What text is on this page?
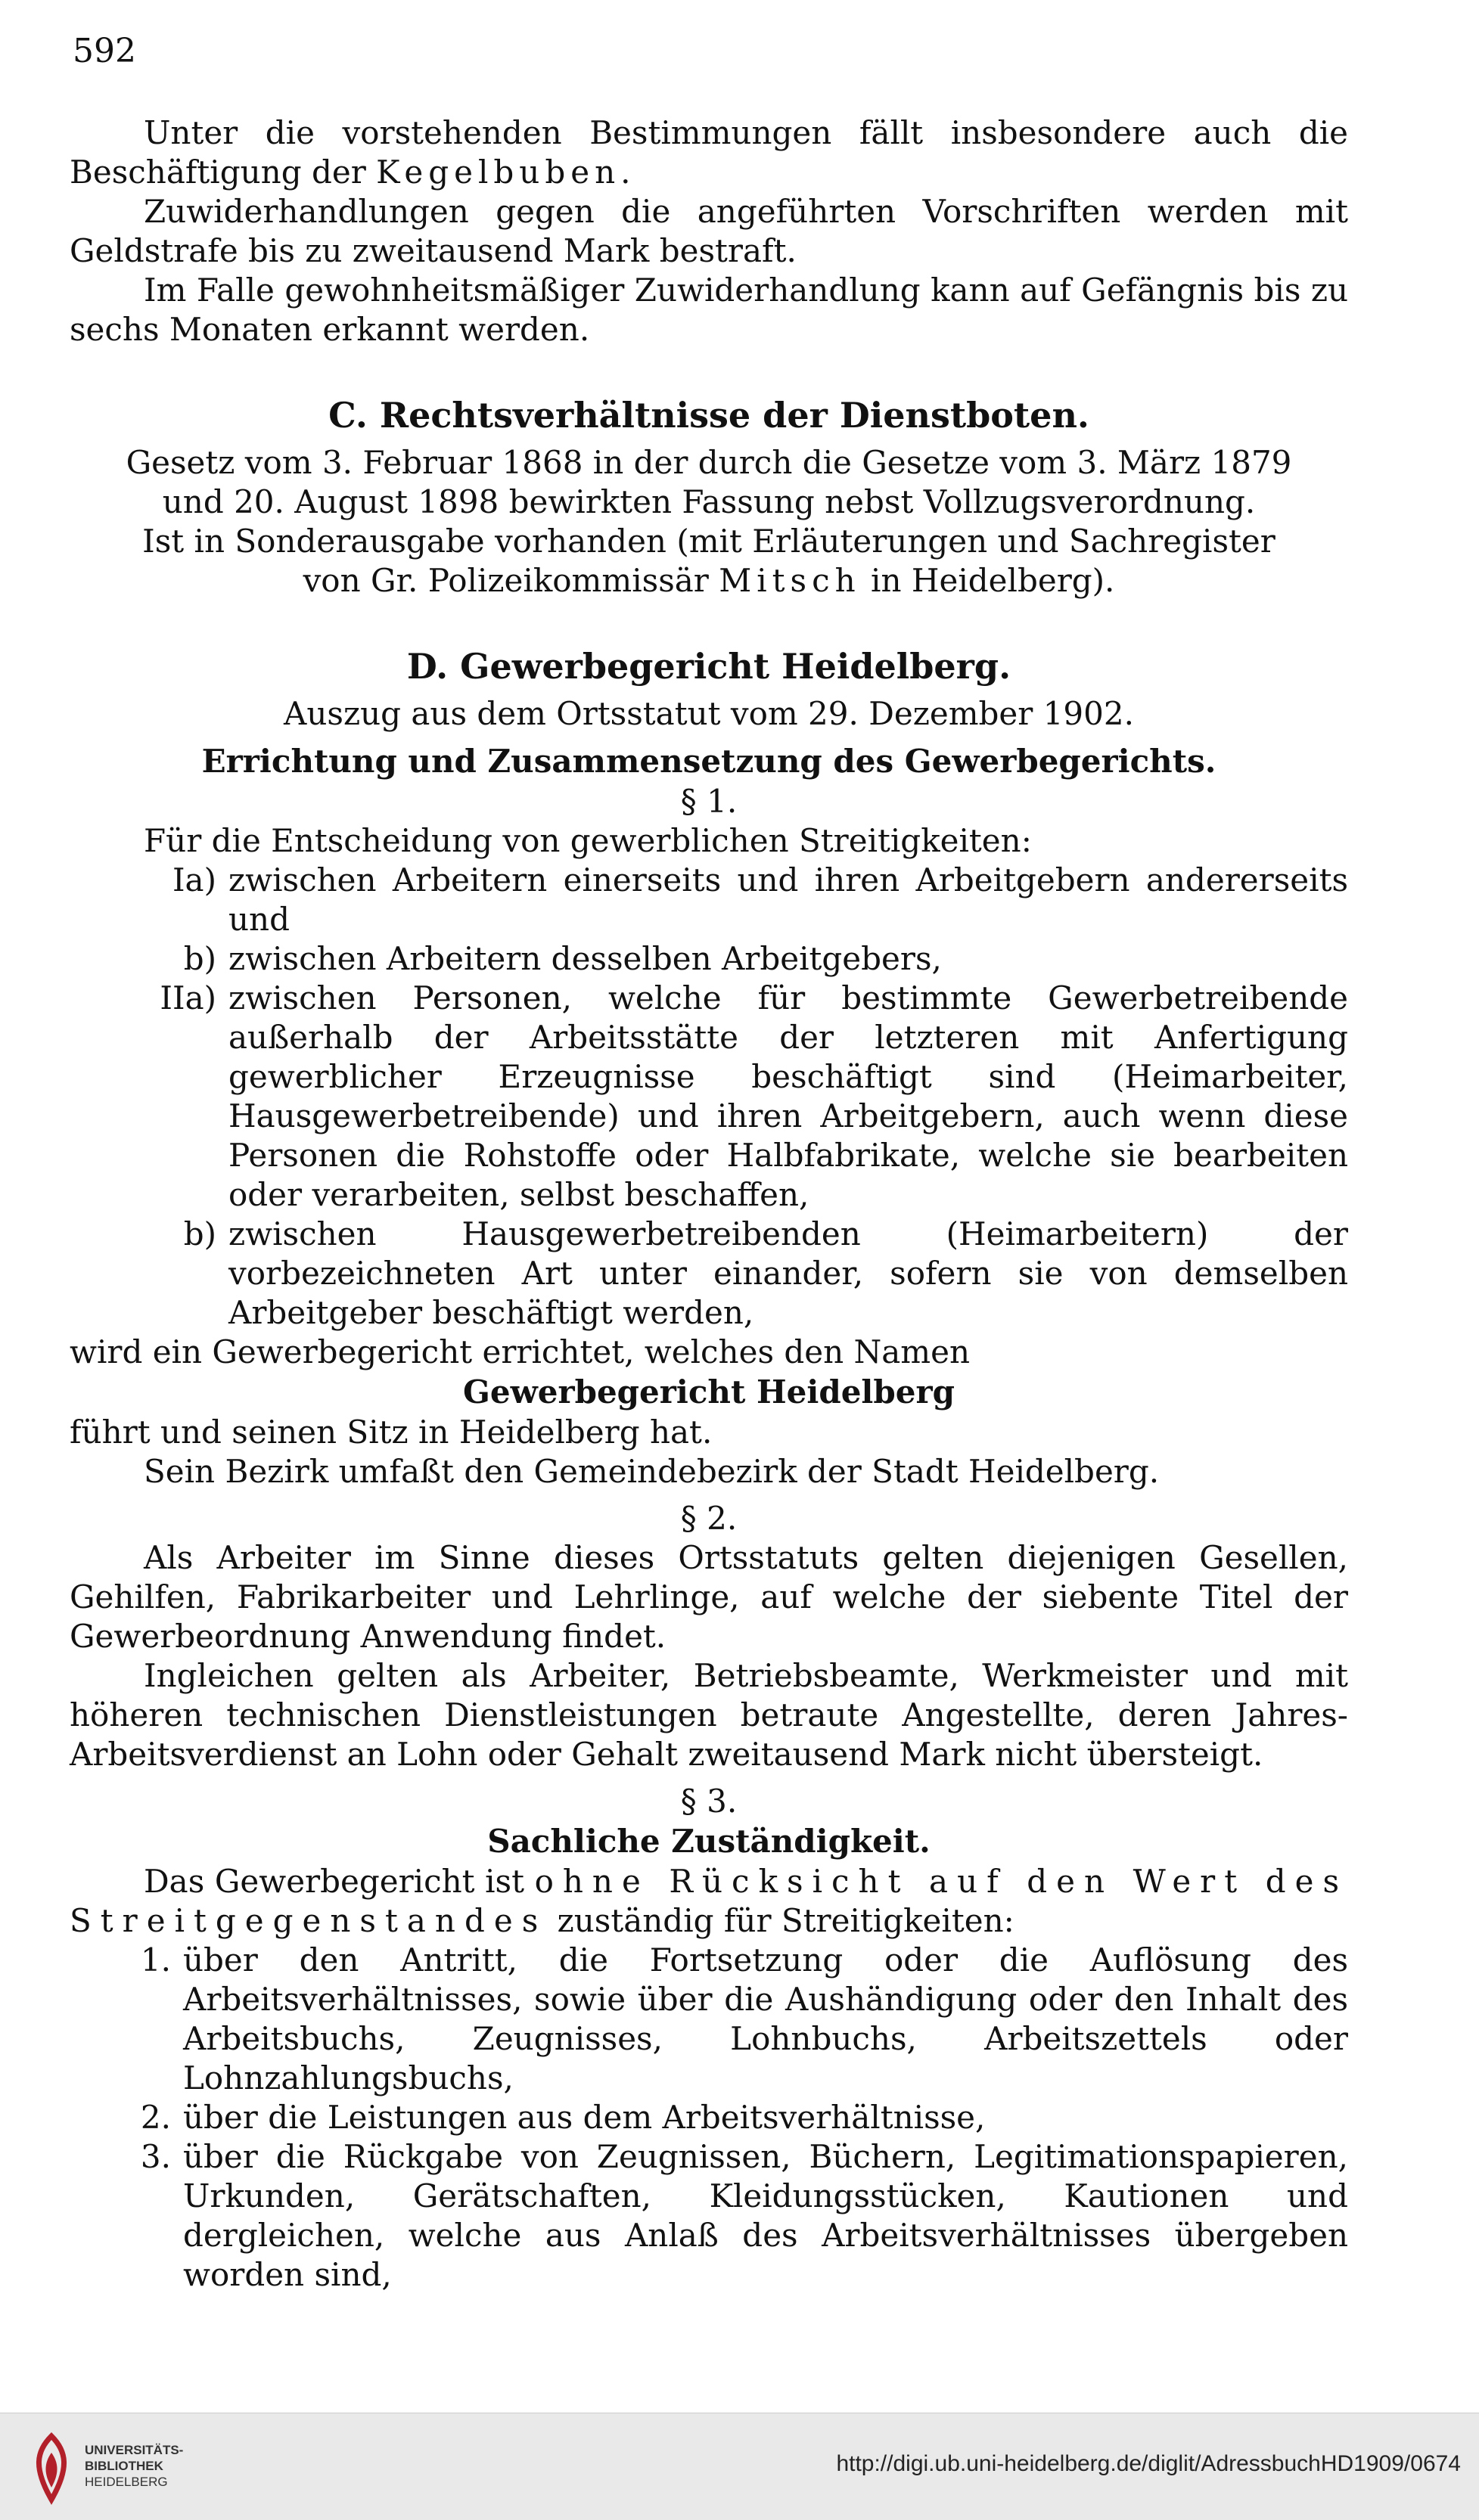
592

Unter die vorstehenden Bestimmungen fällt insbesondere auch die Beschäftigung der Kegelbuben.

Zuwiderhandlungen gegen die angeführten Vorschriften werden mit Geldstrafe bis zu zweitausend Mark bestraft.

Im Falle gewohnheitsmäßiger Zuwiderhandlung kann auf Gefängnis bis zu sechs Monaten erkannt werden.

C. Rechtsverhältnisse der Dienstboten.

Gesetz vom 3. Februar 1868 in der durch die Gesetze vom 3. März 1879 und 20. August 1898 bewirkten Fassung nebst Vollzugsverordnung.

Ist in Sonderausgabe vorhanden (mit Erläuterungen und Sachregister von Gr. Polizeikommissär Mitsch in Heidelberg).

D. Gewerbegericht Heidelberg.

Auszug aus dem Ortsstatut vom 29. Dezember 1902.

Errichtung und Zusammensetzung des Gewerbegerichts.

§ 1.

Für die Entscheidung von gewerblichen Streitigkeiten:

Ia) zwischen Arbeitern einerseits und ihren Arbeitgebern andererseits und
b) zwischen Arbeitern desselben Arbeitgebers,
IIa) zwischen Personen, welche für bestimmte Gewerbetreibende außerhalb der Arbeitsstätte der letzteren mit Anfertigung gewerblicher Erzeugnisse beschäftigt sind (Heimarbeiter, Hausgewerbetreibende) und ihren Arbeitgebern, auch wenn diese Personen die Rohstoffe oder Halbfabrikate, welche sie bearbeiten oder verarbeiten, selbst beschaffen,
b) zwischen Hausgewerbetreibenden (Heimarbeitern) der vorbezeichneten Art unter einander, sofern sie von demselben Arbeitgeber beschäftigt werden,

wird ein Gewerbegericht errichtet, welches den Namen

Gewerbegericht Heidelberg

führt und seinen Sitz in Heidelberg hat.

Sein Bezirk umfaßt den Gemeindebezirk der Stadt Heidelberg.

§ 2.

Als Arbeiter im Sinne dieses Ortsstatuts gelten diejenigen Gesellen, Gehilfen, Fabrikarbeiter und Lehrlinge, auf welche der siebente Titel der Gewerbeordnung Anwendung findet.

Ingleichen gelten als Arbeiter, Betriebsbeamte, Werkmeister und mit höheren technischen Dienstleistungen betraute Angestellte, deren Jahres-Arbeitsverdienst an Lohn oder Gehalt zweitausend Mark nicht übersteigt.

§ 3.

Sachliche Zuständigkeit.

Das Gewerbegericht ist ohne Rücksicht auf den Wert des Streitgegenstandes zuständig für Streitigkeiten:

1. über den Antritt, die Fortsetzung oder die Auflösung des Arbeitsverhältnisses, sowie über die Aushändigung oder den Inhalt des Arbeitsbuchs, Zeugnisses, Lohnbuchs, Arbeitszettels oder Lohnzahlungsbuchs,
2. über die Leistungen aus dem Arbeitsverhältnisse,
3. über die Rückgabe von Zeugnissen, Büchern, Legitimationspapieren, Urkunden, Gerätschaften, Kleidungsstücken, Kautionen und dergleichen, welche aus Anlaß des Arbeitsverhältnisses übergeben worden sind,
UNIVERSITÄTS-
BIBLIOTHEK
HEIDELBERG
http://digi.ub.uni-heidelberg.de/diglit/AdressbuchHD1909/0674
